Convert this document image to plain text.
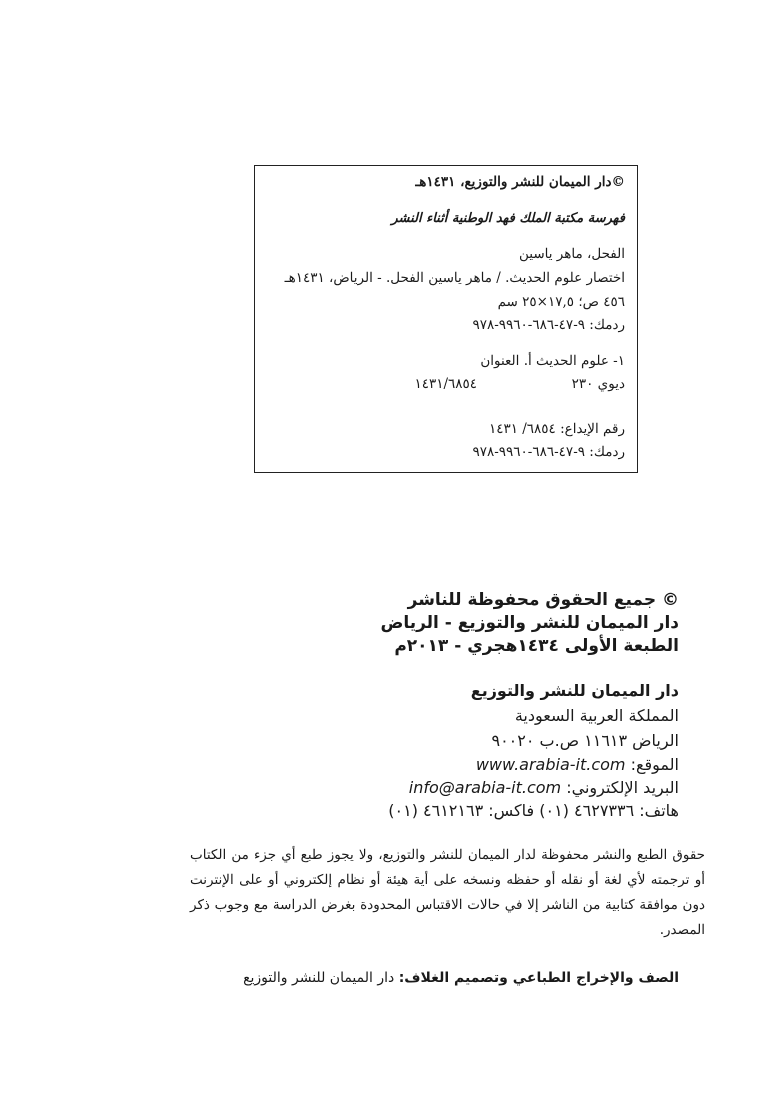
©دار الميمان للنشر والتوزيع، ١٤٣١هـ
فهرسة مكتبة الملك فهد الوطنية أثناء النشر
الفحل، ماهر ياسين
اختصار علوم الحديث. / ماهر ياسين الفحل. - الرياض، ١٤٣١هـ
٤٥٦ ص؛ ١٧,٥×٢٥ سم
ردمك: ٩-٤٧-٦٨٦-٩٩٦٠-٩٧٨
١- علوم الحديث أ. العنوان
ديوي ٢٣٠
١٤٣١/٦٨٥٤
رقم الإيداع: ٦٨٥٤/ ١٤٣١
ردمك: ٩-٤٧-٦٨٦-٩٩٦٠-٩٧٨
© جميع الحقوق محفوظة للناشر
دار الميمان للنشر والتوزيع - الرياض
الطبعة الأولى ١٤٣٤هجري - ٢٠١٣م
دار الميمان للنشر والتوزيع
المملكة العربية السعودية
الرياض ١١٦١٣ ص.ب ٩٠٠٢٠
الموقع: www.arabia-it.com
البريد الإلكتروني: info@arabia-it.com
هاتف: ٤٦٢٧٣٣٦ (٠١) فاكس: ٤٦١٢١٦٣ (٠١)
حقوق الطبع والنشر محفوظة لدار الميمان للنشر والتوزيع، ولا يجوز طبع أي جزء من الكتاب أو ترجمته لأي لغة أو نقله أو حفظه ونسخه على أية هيئة أو نظام إلكتروني أو على الإنترنت دون موافقة كتابية من الناشر إلا في حالات الاقتباس المحدودة بغرض الدراسة مع وجوب ذكر المصدر.
الصف والإخراج الطباعي وتصميم الغلاف: دار الميمان للنشر والتوزيع
